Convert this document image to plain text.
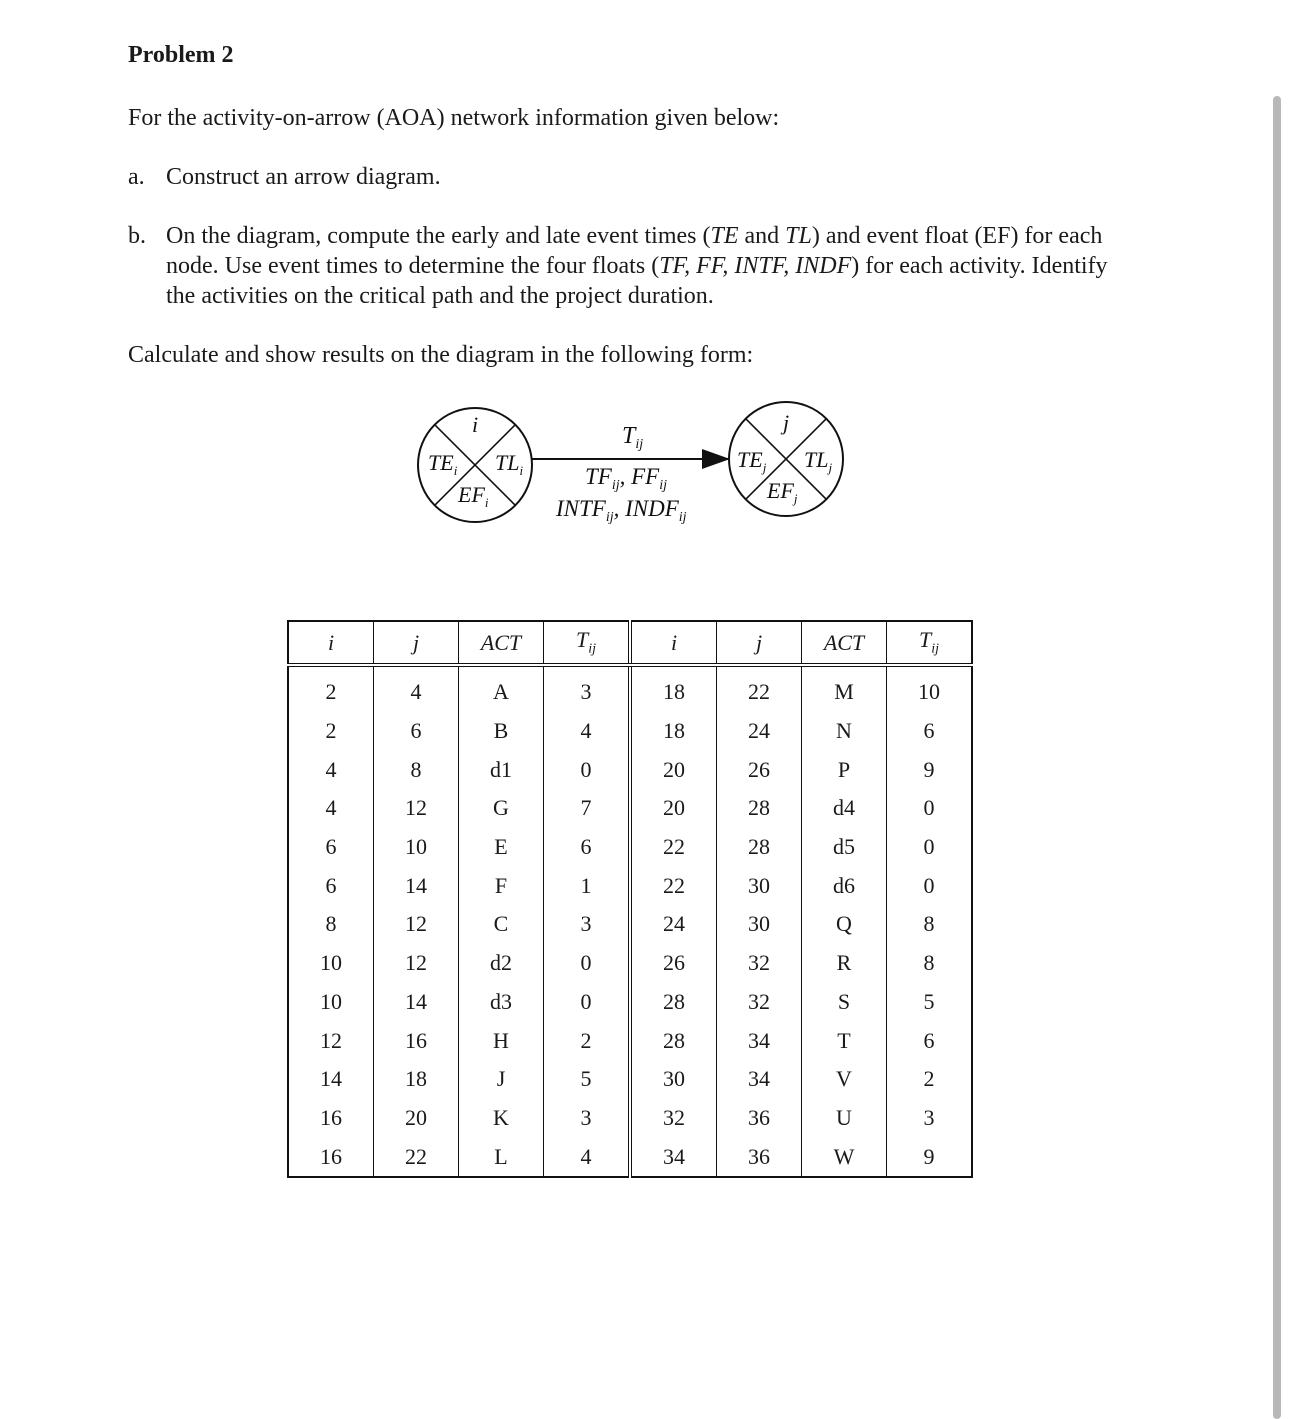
Problem 2
For the activity-on-arrow (AOA) network information given below:
a. Construct an arrow diagram.
b. On the diagram, compute the early and late event times (TE and TL) and event float (EF) for each node. Use event times to determine the four floats (TF, FF, INTF, INDF) for each activity. Identify the activities on the critical path and the project duration.
Calculate and show results on the diagram in the following form:
i
$TE_i$ $TL_i$
$EF_i$
$T_{ij}$
$TF_{ij}$, $FF_{ij}$
$INTF_{ij}$, $INDF_{ij}$
j
$TE_j$ $TL_j$
$EF_j$
i	j	ACT	$T_{ij}$	i	j	ACT	$T_{ij}$
2	4	A	3	18	22	M	10
2	6	B	4	18	24	N	6
4	8	d1	0	20	26	P	9
4	12	G	7	20	28	d4	0
6	10	E	6	22	28	d5	0
6	14	F	1	22	30	d6	0
8	12	C	3	24	30	Q	8
10	12	d2	0	26	32	R	8
10	14	d3	0	28	32	S	5
12	16	H	2	28	34	T	6
14	18	J	5	30	34	V	2
16	20	K	3	32	36	U	3
16	22	L	4	34	36	W	9
